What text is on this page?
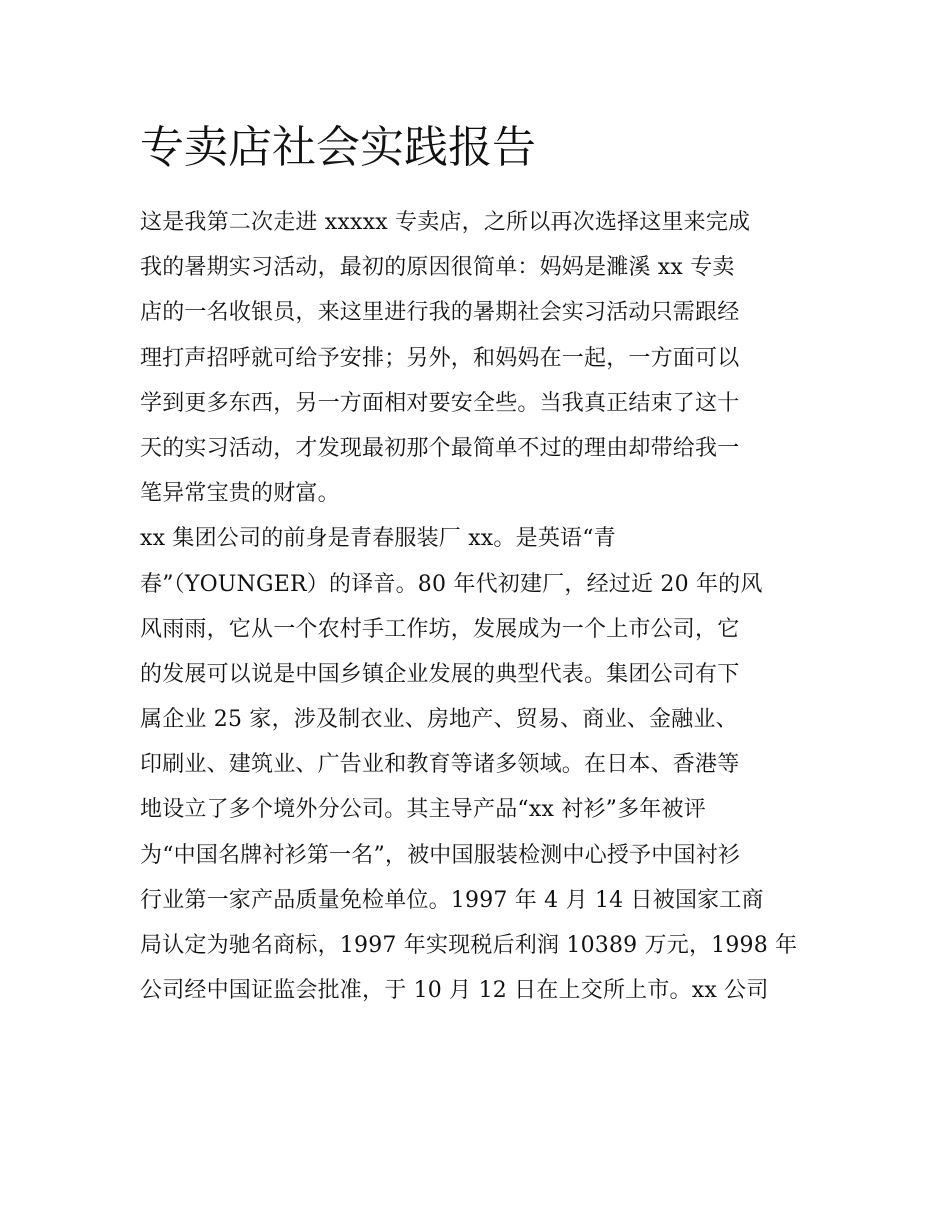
专卖店社会实践报告
这是我第二次走进 xxxxx 专卖店，之所以再次选择这里来完成
我的暑期实习活动，最初的原因很简单：妈妈是濉溪 xx 专卖
店的一名收银员，来这里进行我的暑期社会实习活动只需跟经
理打声招呼就可给予安排；另外，和妈妈在一起，一方面可以
学到更多东西，另一方面相对要安全些。当我真正结束了这十
天的实习活动，才发现最初那个最简单不过的理由却带给我一
笔异常宝贵的财富。
xx 集团公司的前身是青春服装厂 xx。是英语“青
春”（YOUNGER）的译音。80 年代初建厂，经过近 20 年的风
风雨雨，它从一个农村手工作坊，发展成为一个上市公司，它
的发展可以说是中国乡镇企业发展的典型代表。集团公司有下
属企业 25 家，涉及制衣业、房地产、贸易、商业、金融业、
印刷业、建筑业、广告业和教育等诸多领域。在日本、香港等
地设立了多个境外分公司。其主导产品“xx 衬衫”多年被评
为“中国名牌衬衫第一名”，被中国服装检测中心授予中国衬衫
行业第一家产品质量免检单位。1997 年 4 月 14 日被国家工商
局认定为驰名商标，1997 年实现税后利润 10389 万元，1998 年
公司经中国证监会批准，于 10 月 12 日在上交所上市。xx 公司
